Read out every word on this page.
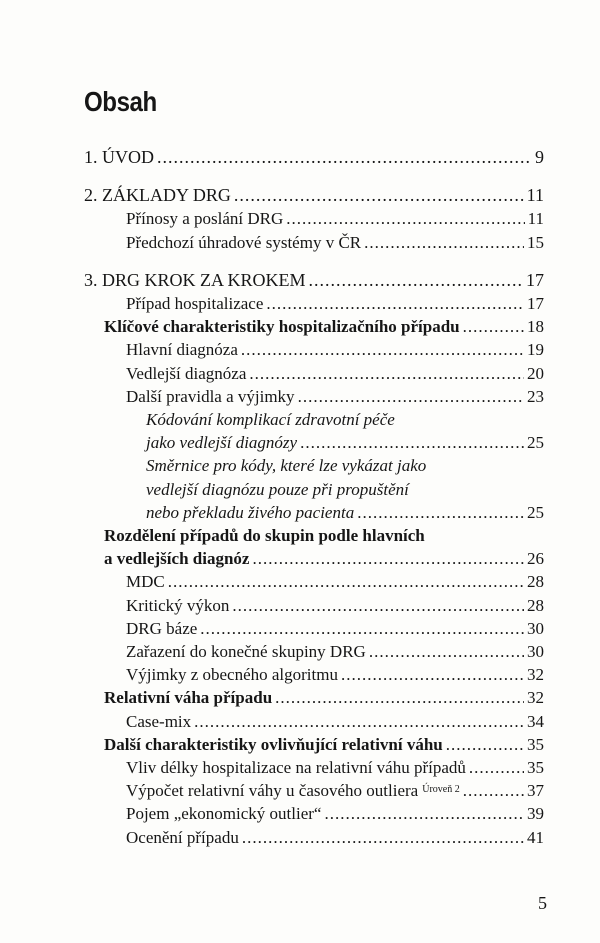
Obsah
1. ÚVOD .....	9
2. ZÁKLADY DRG .....	11
Přínosy a poslání DRG .....	11
Předchozí úhradové systémy v ČR .....	15
3. DRG KROK ZA KROKEM .....	17
Případ hospitalizace .....	17
Klíčové charakteristiky hospitalizačního případu .....	18
Hlavní diagnóza .....	19
Vedlejší diagnóza .....	20
Další pravidla a výjimky .....	23
Kódování komplikací zdravotní péče
jako vedlejší diagnózy .....	25
Směrnice pro kódy, které lze vykázat jako
vedlejší diagnózu pouze při propuštění
nebo překladu živého pacienta .....	25
Rozdělení případů do skupin podle hlavních
a vedlejších diagnóz .....	26
MDC .....	28
Kritický výkon .....	28
DRG báze .....	30
Zařazení do konečné skupiny DRG .....	30
Výjimky z obecného algoritmu .....	32
Relativní váha případu .....	32
Case-mix .....	34
Další charakteristiky ovlivňující relativní váhu .....	35
Vliv délky hospitalizace na relativní váhu případů .....	35
Výpočet relativní váhy u časového outliera Úroveň 2 .....	37
Pojem „ekonomický outlier“ .....	39
Ocenění případu .....	41
5
